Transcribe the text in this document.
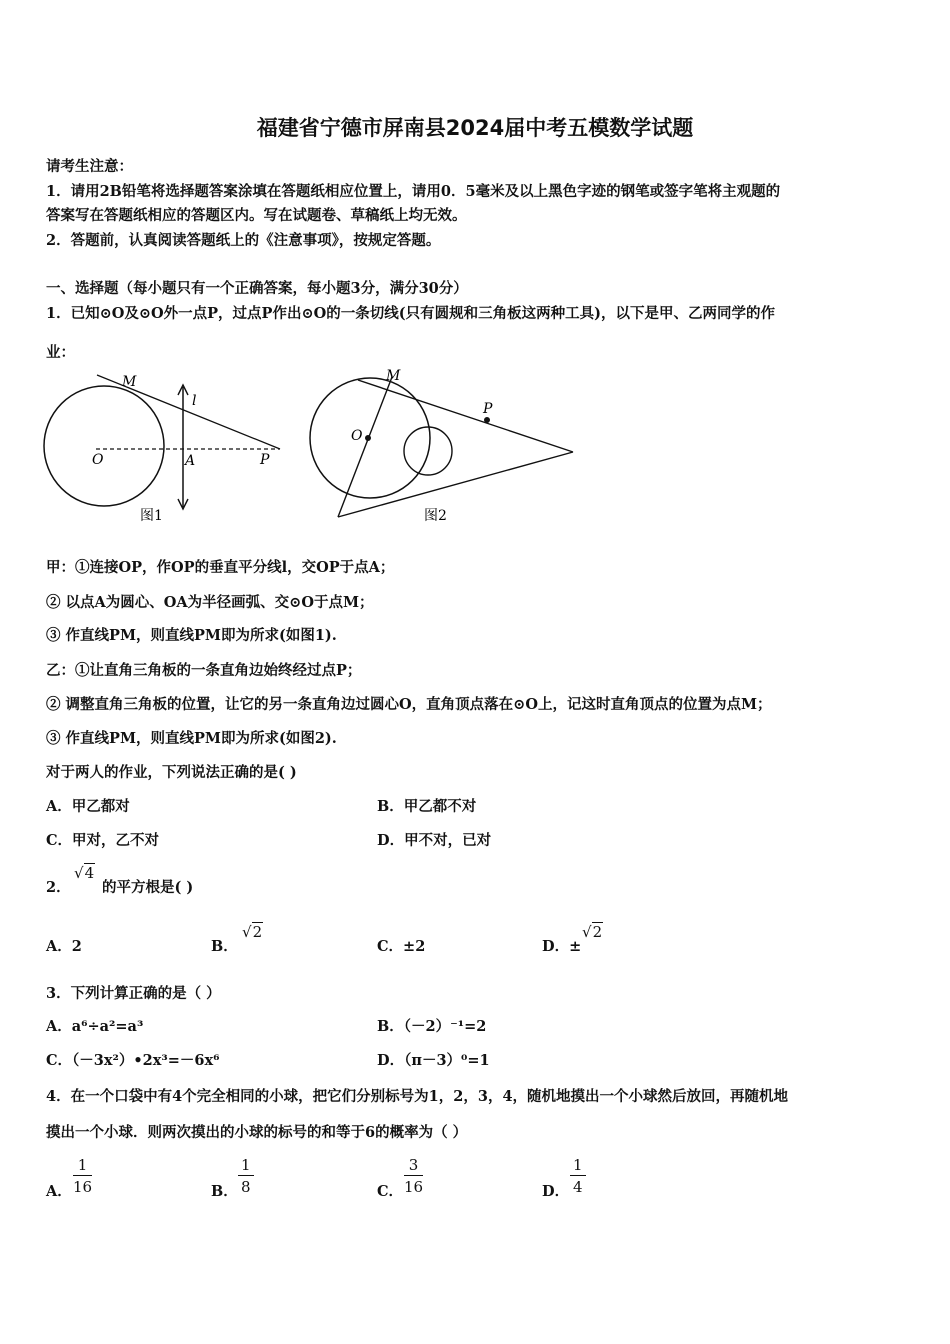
福建省宁德市屏南县2024届中考五模数学试题
请考生注意：
1．请用2B铅笔将选择题答案涂填在答题纸相应位置上，请用0．5毫米及以上黑色字迹的钢笔或签字笔将主观题的
答案写在答题纸相应的答题区内。写在试题卷、草稿纸上均无效。
2．答题前，认真阅读答题纸上的《注意事项》，按规定答题。
一、选择题（每小题只有一个正确答案，每小题3分，满分30分）
1．已知⊙O及⊙O外一点P，过点P作出⊙O的一条切线(只有圆规和三角板这两种工具)，以下是甲、乙两同学的作
业：
M
O	A	P
l
图1
M
O
P
图2
甲：①连接OP，作OP的垂直平分线l，交OP于点A；
② 以点A为圆心、OA为半径画弧、交⊙O于点M；
③ 作直线PM，则直线PM即为所求(如图1).
乙：①让直角三角板的一条直角边始终经过点P；
② 调整直角三角板的位置，让它的另一条直角边过圆心O，直角顶点落在⊙O上，记这时直角顶点的位置为点M；
③ 作直线PM，则直线PM即为所求(如图2).
对于两人的作业，下列说法正确的是( )
A．甲乙都对	B．甲乙都不对
C．甲对，乙不对	D．甲不对，已对
2．
√4
的平方根是( )
A．2	B．
√2
C．±2	D．±
√2
3．下列计算正确的是（ ）
A．a⁶÷a²=a³	B．（－2）⁻¹=2
C．（－3x²）•2x³=－6x⁶	D．（π－3）⁰=1
4．在一个口袋中有4个完全相同的小球，把它们分别标号为1，2，3，4，随机地摸出一个小球然后放回，再随机地
摸出一个小球．则两次摸出的小球的标号的和等于6的概率为（ ）
A． $\frac{1}{16}$	B． $\frac{1}{8}$	C． $\frac{3}{16}$	D． $\frac{1}{4}$
